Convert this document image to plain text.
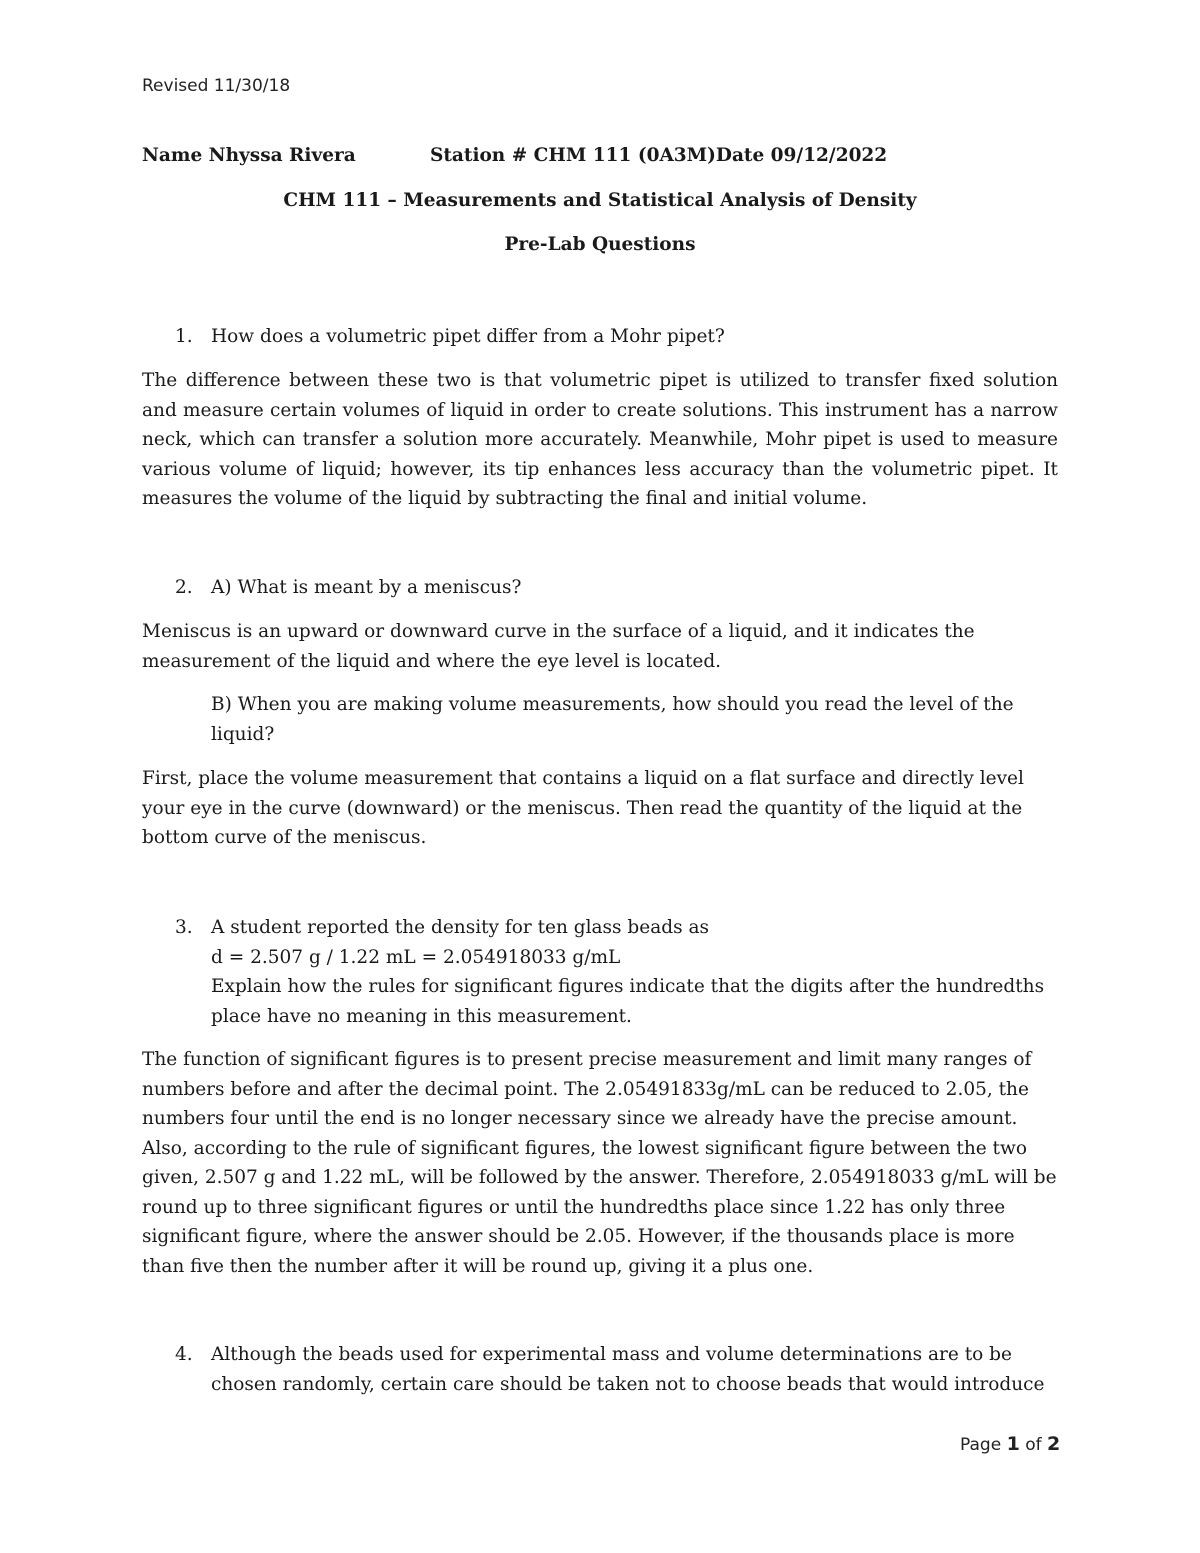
Revised 11/30/18
Name Nhyssa Rivera	Station # CHM 111 (0A3M)Date 09/12/2022
CHM 111 – Measurements and Statistical Analysis of Density
Pre-Lab Questions
1. How does a volumetric pipet differ from a Mohr pipet?
The difference between these two is that volumetric pipet is utilized to transfer fixed solution and measure certain volumes of liquid in order to create solutions. This instrument has a narrow neck, which can transfer a solution more accurately. Meanwhile, Mohr pipet is used to measure various volume of liquid; however, its tip enhances less accuracy than the volumetric pipet. It measures the volume of the liquid by subtracting the final and initial volume.
2. A) What is meant by a meniscus?
Meniscus is an upward or downward curve in the surface of a liquid, and it indicates the measurement of the liquid and where the eye level is located.
B) When you are making volume measurements, how should you read the level of the liquid?
First, place the volume measurement that contains a liquid on a flat surface and directly level your eye in the curve (downward) or the meniscus. Then read the quantity of the liquid at the bottom curve of the meniscus.
3. A student reported the density for ten glass beads as
d = 2.507 g / 1.22 mL = 2.054918033 g/mL
Explain how the rules for significant figures indicate that the digits after the hundredths place have no meaning in this measurement.
The function of significant figures is to present precise measurement and limit many ranges of numbers before and after the decimal point. The 2.05491833g/mL can be reduced to 2.05, the numbers four until the end is no longer necessary since we already have the precise amount. Also, according to the rule of significant figures, the lowest significant figure between the two given, 2.507 g and 1.22 mL, will be followed by the answer. Therefore, 2.054918033 g/mL will be round up to three significant figures or until the hundredths place since 1.22 has only three significant figure, where the answer should be 2.05. However, if the thousands place is more than five then the number after it will be round up, giving it a plus one.
4. Although the beads used for experimental mass and volume determinations are to be chosen randomly, certain care should be taken not to choose beads that would introduce
Page 1 of 2
